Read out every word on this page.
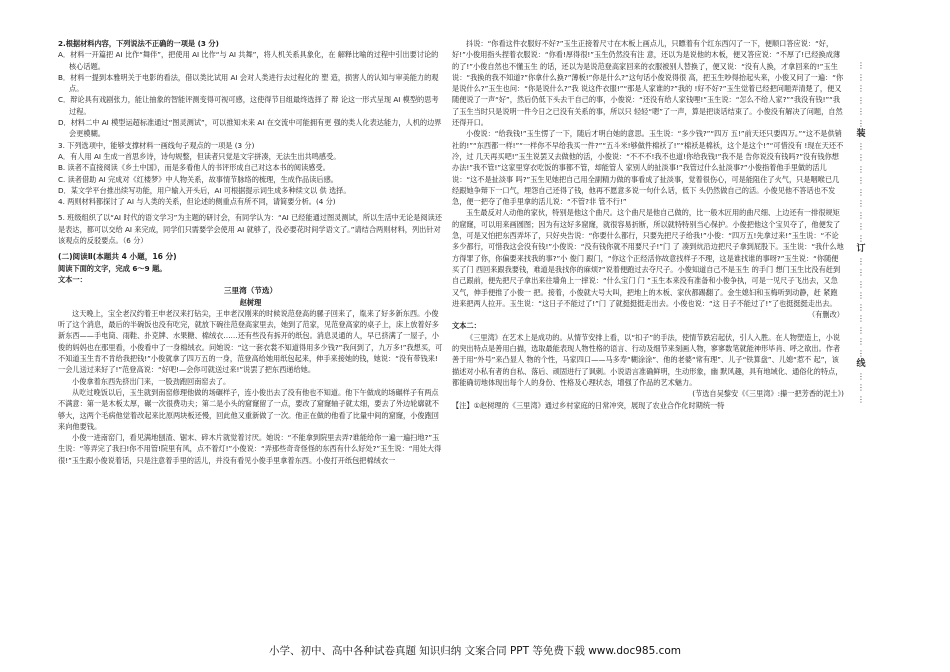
2.根据材料内容，下列说法不正确的一项是 (3 分)

A．材料一开篇把 AI 比作“舞伴”，把使用 AI 比作“与 AI 共舞”，将人机关系具象化，在 解释比喻的过程中引出要讨论的核心话题。

B．材料一提到本雅明关于电影的看法，借以类比试用 AI 会对人类进行去过程化的 塑 造，损害人的认知与审美能力的观点。

C．辩论具有戏剧张力，能让抽象的智能评测变得可视可感，这使得节目组最终选择了 辩 论这一形式呈现 AI 模型的思考过程。

D．材料二中 AI 模型运超标准通过“图灵测试”，可以推知未来 AI 在交流中可能拥有更 强的类人化表达能力，人机的边界会更模糊。

3. 下列选项中，能够支撑材料一画线句子观点的一项是 (3 分)

A．有人用 AI 生成一首思乡诗，诗句规整，但读者只觉是文字拼凑，无法生出共鸣感受。

B. 读者不直接阅读《乡土中国》，而是多看他人的书评形成自己对这本书的阅读感受。

C. 读者借助 AI 完成对《红楼梦》中人物关系，故事情节脉络的梳理，生成作品读后感。

D．某文学平台推出续写功能，用户输入开头后，AI 可根据提示词生成多种续文以 供 选择。

4. 两则材料都探讨了 AI 与人类的关系，但论述的侧重点有所不同，请简要分析。(4 分)

5. 班级组织了以“AI 时代的语文学习”为主题的研讨会，有同学认为：“AI 已经能通过图灵测试，所以生活中无论是阅读还是表达，都可以交给 AI 来完成，同学们只需要学会使用 AI 就够了，没必要花时间学语文了。”请结合两则材料，列出针对该观点的反驳要点。（6 分）

(二)阅读Ⅱ(本题共 4 小题，16 分)

阅读下面的文字，完成 6～9 题。

文本一：

三里湾（节选）

赵树理

这天晚上，宝全老汉约着王申老汉来打钻尖，王申老汉刚来的时候说范登高的骡子回来了，胤来了好多新东西。小俊听了这个消息，最后的半碗饭也没有吃完，就放下碗往范登高家里去，她到了范家，见范登高家的桌子上，床上放着好多新东西——手电筒、雨鞋、扑克牌、水果糖、棉绒衣……还有些没有拆开的纸包。消息灵通的人，早已挤满了一屋子，小俊的妈妈也在那里看，小俊看中了一身棉绒衣。问她说：“这一套衣裳不知道得用多少钱?”我问到了，九万多!”我想买，可不知道玉生肯不肯给我把钱!”小俊就拿了四万五的一身，范登高给她用纸包起来，伸手来接她的钱，她说：“没有带钱来!一会儿送过来好了!”范登高说：“好吧!—会你可就送过来!”说罢了把东西递给她。

小俊拿着东西先挤出门来，一股劲跑回南窑去了。

从吃过晚饭以后，玉生就到南窑修理他做的场碾样子，连小俊出去了没有他也不知道。他下午做成的场碾样子有两点不满意：第一是木板太厚，碾一次很费功夫；第二是小头的窟窿留了一点，要改了窟窿轴子就太细，要去了外边轮廓就不够大，这两个毛病他觉着改起来比原两块板还慢，回此他又重新做了一次。他正在做的他看了比量中间的窟窿，小俊跑回来向他要钱。

小俊一进南窑门，看见满地刨渣、锯末、碎木片就觉着讨厌。她说：“不能拿到院里去弄?谁能给你一遍一遍扫地?”玉生说：“等弄完了我扫!你不用管!院里有风，点不着灯!”小俊说：“弄那些奇奇怪怪的东西有什么好处?”玉生说：“用处大得很!”玉生跟小俊说着话，只是注意着手里的活儿，并没有看见小俊手里拿着东西。小俊打开纸包把棉绒衣一

抖说：“你看这件衣服好不好?”玉生正接着尺寸在木板上画点儿，只瞟着有个红东西闪了一下，便顺口答应说：“好，好!”小俊用指头捏着衣服说：“你看!厚得很!”玉生仍然没有注 意，还以为是说他的木板，便又答应说：“不厚了!已经换成薄的了!”小俊自然也不懂玉生 的话，还以为是说范登高家回来的衣服被别人替换了，便又说：“没有人换，才拿回来的!”玉生说：“我换的我不知道?”你拿什么换?”薄板!”你是什么?”这句话小俊说得很 高，把玉生吵得抬起头来，小俊又问了一遍：“你是说什么?”玉生也问：“你是说什么?”我 说这件衣服!”“那是人家谁的?”我的 !好不好?”玉生觉着已经把问题弄清楚了，便又 随便说了一声“好”，然后仍低下头去干自己的事，小俊说：“还没有给人家钱哩!”玉生说：“怎么不给人家?”“我没有钱!”“我了玉生当时只是说明一件今日之已没有关系的事，所以只 轻轻“嗯”了一声，算是把谈话结束了。小俊没有解决了问题，自然还得开口。

小俊说：“给我钱!”玉生愣了一下，随后才明白她的意思。玉生说：“多少钱?”“四万 五!”前天还只要四万。”“这不是供销社的!”“东西都一样!”“一样你不早给我买一件?”“五斗米!够做件棉袄了!”“棉袄是棉袄，这个是这个!”“可惜没有 !现在天还不冷，过 几天再买吧!”玉生说罢又去做他的活，小俊说：“不不不!我不也道!你给我钱!”我不是 告你说没有钱吗?”没有钱你想办法!”我不管!”这家里穿衣吃饭的事都不管，却能管人 家别人的扯淡事!”我管过什么扯淡事?”小俊指着他手里做的活儿说：“这不是扯淡事 吗?”玉生见她把自己用全副精力做的事看成了扯淡事，觉着很伤心，可是能阻住了火气，只是咽喉已几经跟她争辩下一口气，埋怨自己还得了钱，他再不愿意多说一句什么话，低下 头仍然做自己的活。小俊见他不答话也不发急，便一把夺了他手里拿的活儿说：“不管?非 管不行!”

玉生最反对人动他的家伙，特别是他这个曲尺。这个曲尺是他自己做的，比一般木匠用的曲尺细、上边还有一排很规矩的窟窿，可以用来画圆图；因为有这好多窟窿，就很容易折断，所以就特特别当心保护。小俊把他这个宝贝夺了，他便发了急，可是又怕把东西弄坏了，只好央告说：“你要什么都行，只要先把尺子给我!”小俊：“四万五!先拿过来!”玉生说：“不论多少都行，可惜我这会没有钱!”小俊说：“没有钱你就不用要尺子!”门 了 凑到炕沿边把尺子拿到屁股下。玉生说：“我什么地方得罪了你，你偏要来找我的事?”小 俊门 跟门，“你这个正经活你故意找样子不理，这是谁找谁的事呀?”玉生说：“你随便买了门 西回来跟我要钱，难道是我找你的麻烦?”说着便跑过去夺尺子。小俊知道自己不是玉生 的手门 想门玉生比没有赶到自己跟前，便先把尺子拿出来往墙角上一摔说：“什么宝门 门 ”玉生本来没有准备和小俊争执，可是一见尺子飞出去，又急又气，伸手便推了小俊一 把。接着，小俊就大号大叫，把地上的木板、家伙都踢翻了。金生媳妇和玉梅听到动静，赶 紧跑进来把两人拉开。玉生说：“这日子不能过了!”门 了就挺挺挺走出去。小俊也说：“这 日子不能过了!”了也挺挺挺走出去。

（有删改）

文本二：

《三里湾》在艺术上是成功的。从情节安排上看，以“扣子”的手法，使情节跌宕起伏，引人入胜。在人物塑造上，小说的突出特点是善用白描，选取最能表现人物性格的语言、行动及细节来刻画人物，寥寥数笔就能神形毕肖、呼之欲出。作者善于用“外号”来凸显人 物的个性，马家四口——马多寿“糊涂涂”、他的老婆“常有理”、儿子“铁算盘”、儿媳“惹不 起”，该描述对小私有者的自私、落后、顽固进行了讽刺。小说语言准确鲜明，生动形象，幽 默风趣，具有地域化、通俗化的特点，都能确切地体现出每个人的身份、性格及心理状态，增强了作品的艺术魅力。

(节选自吴黎安《《三里湾》:攥一把芳香的泥土》)

【注】①赵树理的《三里湾》通过乡村家庭的日常冲突，展现了农业合作化时期统一特

⋮
⋮
⋮
⋮
⋮
⋮
装
⋮
⋮
⋮
⋮
⋮
⋮
⋮
⋮
⋮
订
⋮
⋮
⋮
⋮
⋮
⋮
⋮
⋮
⋮
线
⋮
⋮
⋮
小学、初中、高中各种试卷真题 知识归纳 文案合同 PPT 等免费下载 www.doc985.com
